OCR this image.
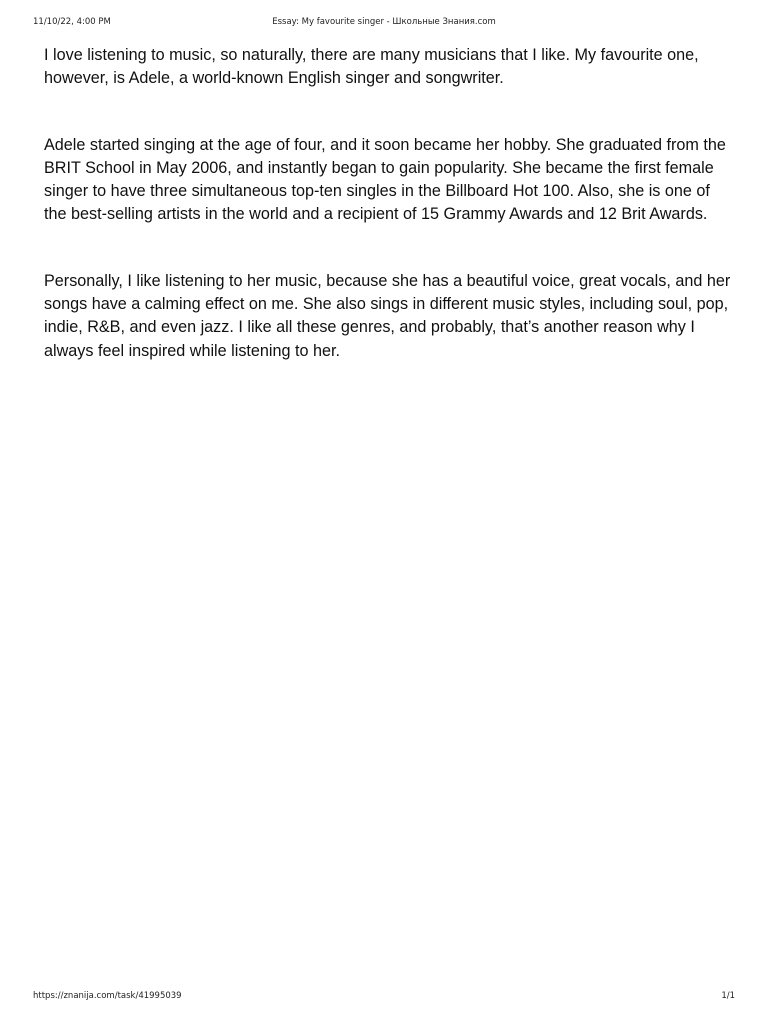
11/10/22, 4:00 PM	Essay: My favourite singer - Школьные Знания.com

I love listening to music, so naturally, there are many musicians that I like. My favourite one, however, is Adele, a world-known English singer and songwriter.

Adele started singing at the age of four, and it soon became her hobby. She graduated from the BRIT School in May 2006, and instantly began to gain popularity. She became the first female singer to have three simultaneous top-ten singles in the Billboard Hot 100. Also, she is one of the best-selling artists in the world and a recipient of 15 Grammy Awards and 12 Brit Awards.

Personally, I like listening to her music, because she has a beautiful voice, great vocals, and her songs have a calming effect on me. She also sings in different music styles, including soul, pop, indie, R&B, and even jazz. I like all these genres, and probably, that’s another reason why I always feel inspired while listening to her.

https://znanija.com/task/41995039	1/1
